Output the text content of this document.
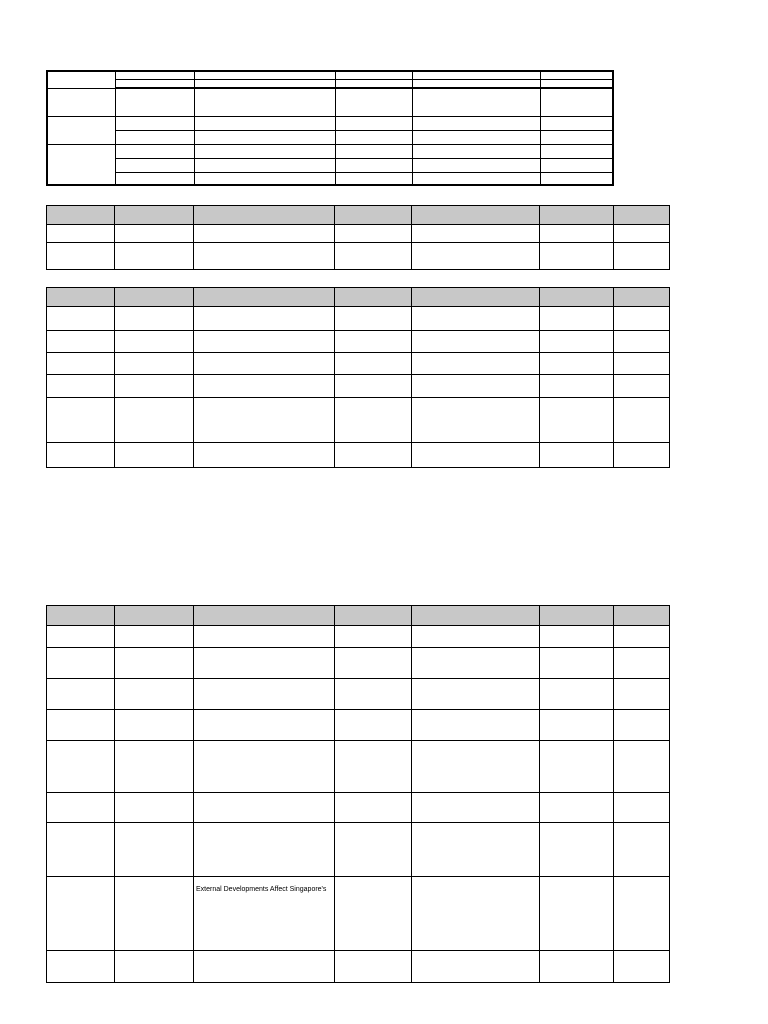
		External Developments Affect Singapore's				
